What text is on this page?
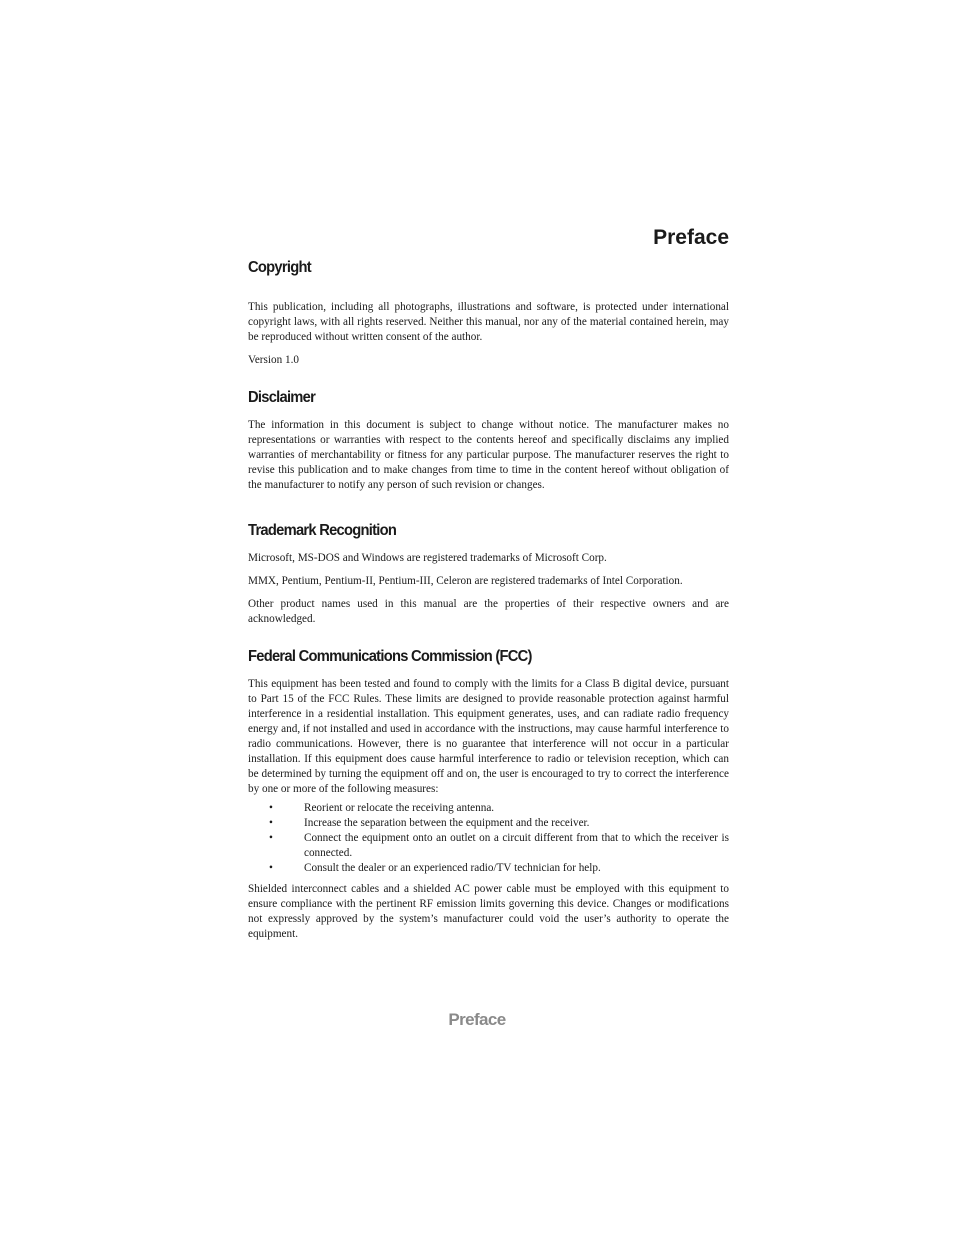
Preface
Copyright

This publication, including all photographs, illustrations and software, is protected under international copyright laws, with all rights reserved. Neither this manual, nor any of the material contained herein, may be reproduced without written consent of the author.

Version 1.0

Disclaimer

The information in this document is subject to change without notice. The manufacturer makes no representations or warranties with respect to the contents hereof and specifically disclaims any implied warranties of merchantability or fitness for any particular purpose. The manufacturer reserves the right to revise this publication and to make changes from time to time in the content hereof without obligation of the manufacturer to notify any person of such revision or changes.

Trademark Recognition

Microsoft, MS-DOS and Windows are registered trademarks of Microsoft Corp.

MMX, Pentium, Pentium-II, Pentium-III, Celeron are registered trademarks of Intel Corporation.

Other product names used in this manual are the properties of their respective owners and are acknowledged.

Federal Communications Commission (FCC)

This equipment has been tested and found to comply with the limits for a Class B digital device, pursuant to Part 15 of the FCC Rules. These limits are designed to provide reasonable protection against harmful interference in a residential installation. This equipment generates, uses, and can radiate radio frequency energy and, if not installed and used in accordance with the instructions, may cause harmful interference to radio communications. However, there is no guarantee that interference will not occur in a particular installation. If this equipment does cause harmful interference to radio or television reception, which can be determined by turning the equipment off and on, the user is encouraged to try to correct the interference by one or more of the following measures:

•	Reorient or relocate the receiving antenna.
•	Increase the separation between the equipment and the receiver.
•	Connect the equipment onto an outlet on a circuit different from that to which the receiver is connected.
•	Consult the dealer or an experienced radio/TV technician for help.

Shielded interconnect cables and a shielded AC power cable must be employed with this equipment to ensure compliance with the pertinent RF emission limits governing this device. Changes or modifications not expressly approved by the system’s manufacturer could void the user’s authority to operate the equipment.

Preface
